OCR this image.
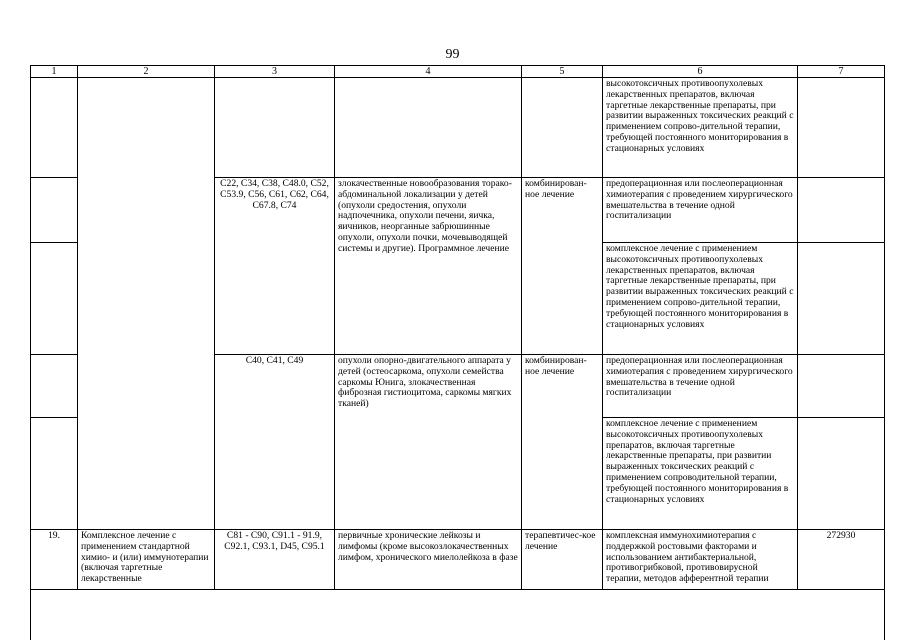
99
1	2	3	4	5	6	7
					высокотоксичных противоопухолевых лекарственных препаратов, включая таргетные лекарственные препараты, при развитии выраженных токсических реакций с применением сопрово-дительной терапии, требующей постоянного мониторирования в стационарных условиях	
		C22, C34, C38, C48.0, C52, C53.9, C56, C61, C62, C64, C67.8, C74	злокачественные новообразования торако-абдоминальной локализации у детей (опухоли средостения, опухоли надпочечника, опухоли печени, яичка, яичников, неорганные забрюшинные опухоли, опухоли почки, мочевыводящей системы и другие). Программное лечение	комбинирован-ное лечение	предоперационная или послеоперационная химиотерапия с проведением хирургического вмешательства в течение одной госпитализации	
					комплексное лечение с применением высокотоксичных противоопухолевых лекарственных препаратов, включая таргетные лекарственные препараты, при развитии выраженных токсических реакций с применением сопрово-дительной терапии, требующей постоянного мониторирования в стационарных условиях	
		C40, C41, C49	опухоли опорно-двигательного аппарата у детей (остеосаркома, опухоли семейства саркомы Юнига, злокачественная фиброзная гистиоцитома, саркомы мягких тканей)	комбинирован-ное лечение	предоперационная или послеоперационная химиотерапия с проведением хирургического вмешательства в течение одной госпитализации	
					комплексное лечение с применением высокотоксичных противоопухолевых препаратов, включая таргетные лекарственные препараты, при развитии выраженных токсических реакций с применением сопроводительной терапии, требующей постоянного мониторирования в стационарных условиях	
19.	Комплексное лечение с применением стандартной химио- и (или) иммунотерапии (включая таргетные лекарственные	C81 - C90, C91.1 - 91.9, C92.1, C93.1, D45, C95.1	первичные хронические лейкозы и лимфомы (кроме высокозлокачественных лимфом, хронического миелолейкоза в фазе	терапевтичес-кое лечение	комплексная иммунохимиотерапия с поддержкой ростовыми факторами и использованием антибактериальной, противогрибковой, противовирусной терапии, методов афферентной терапии	272930
